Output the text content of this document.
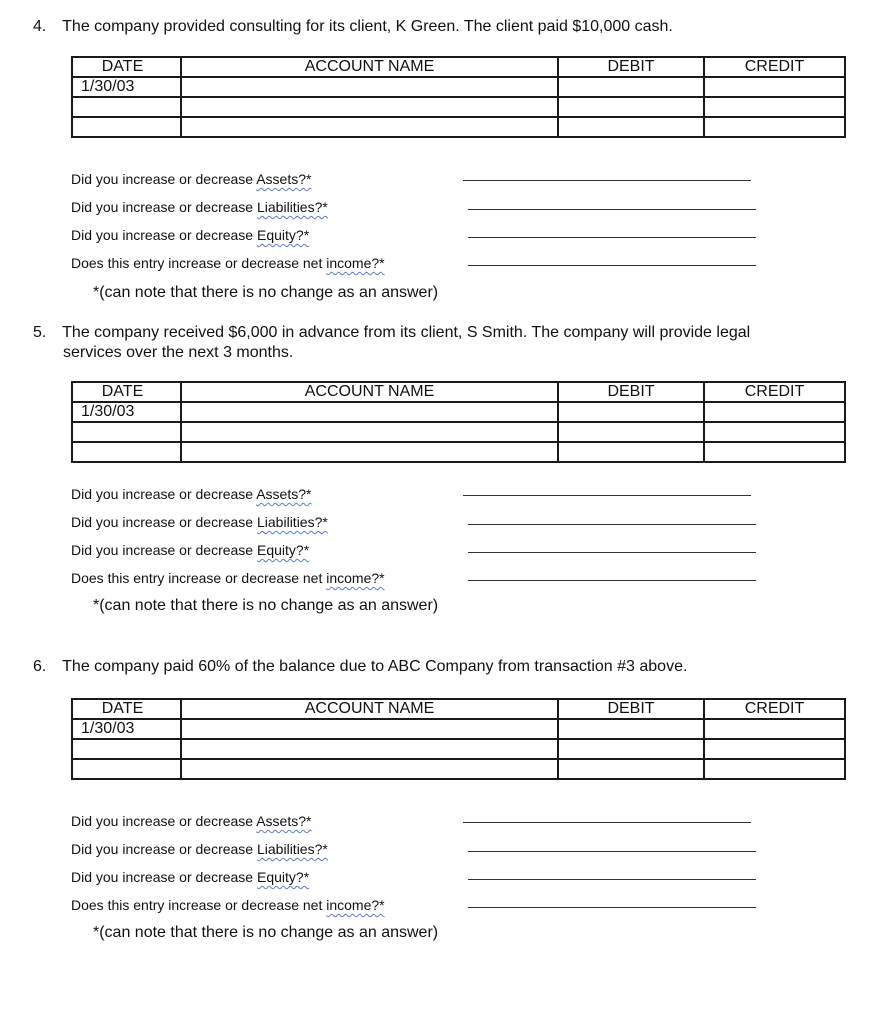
4. The company provided consulting for its client, K Green. The client paid $10,000 cash.
DATE	ACCOUNT NAME	DEBIT	CREDIT
1/30/03			

Did you increase or decrease Assets?*
Did you increase or decrease Liabilities?*
Did you increase or decrease Equity?*
Does this entry increase or decrease net income?*
*(can note that there is no change as an answer)
5. The company received $6,000 in advance from its client, S Smith. The company will provide legal
services over the next 3 months.
DATE	ACCOUNT NAME	DEBIT	CREDIT
1/30/03			

Did you increase or decrease Assets?*
Did you increase or decrease Liabilities?*
Did you increase or decrease Equity?*
Does this entry increase or decrease net income?*
*(can note that there is no change as an answer)
6. The company paid 60% of the balance due to ABC Company from transaction #3 above.
DATE	ACCOUNT NAME	DEBIT	CREDIT
1/30/03			

Did you increase or decrease Assets?*
Did you increase or decrease Liabilities?*
Did you increase or decrease Equity?*
Does this entry increase or decrease net income?*
*(can note that there is no change as an answer)
